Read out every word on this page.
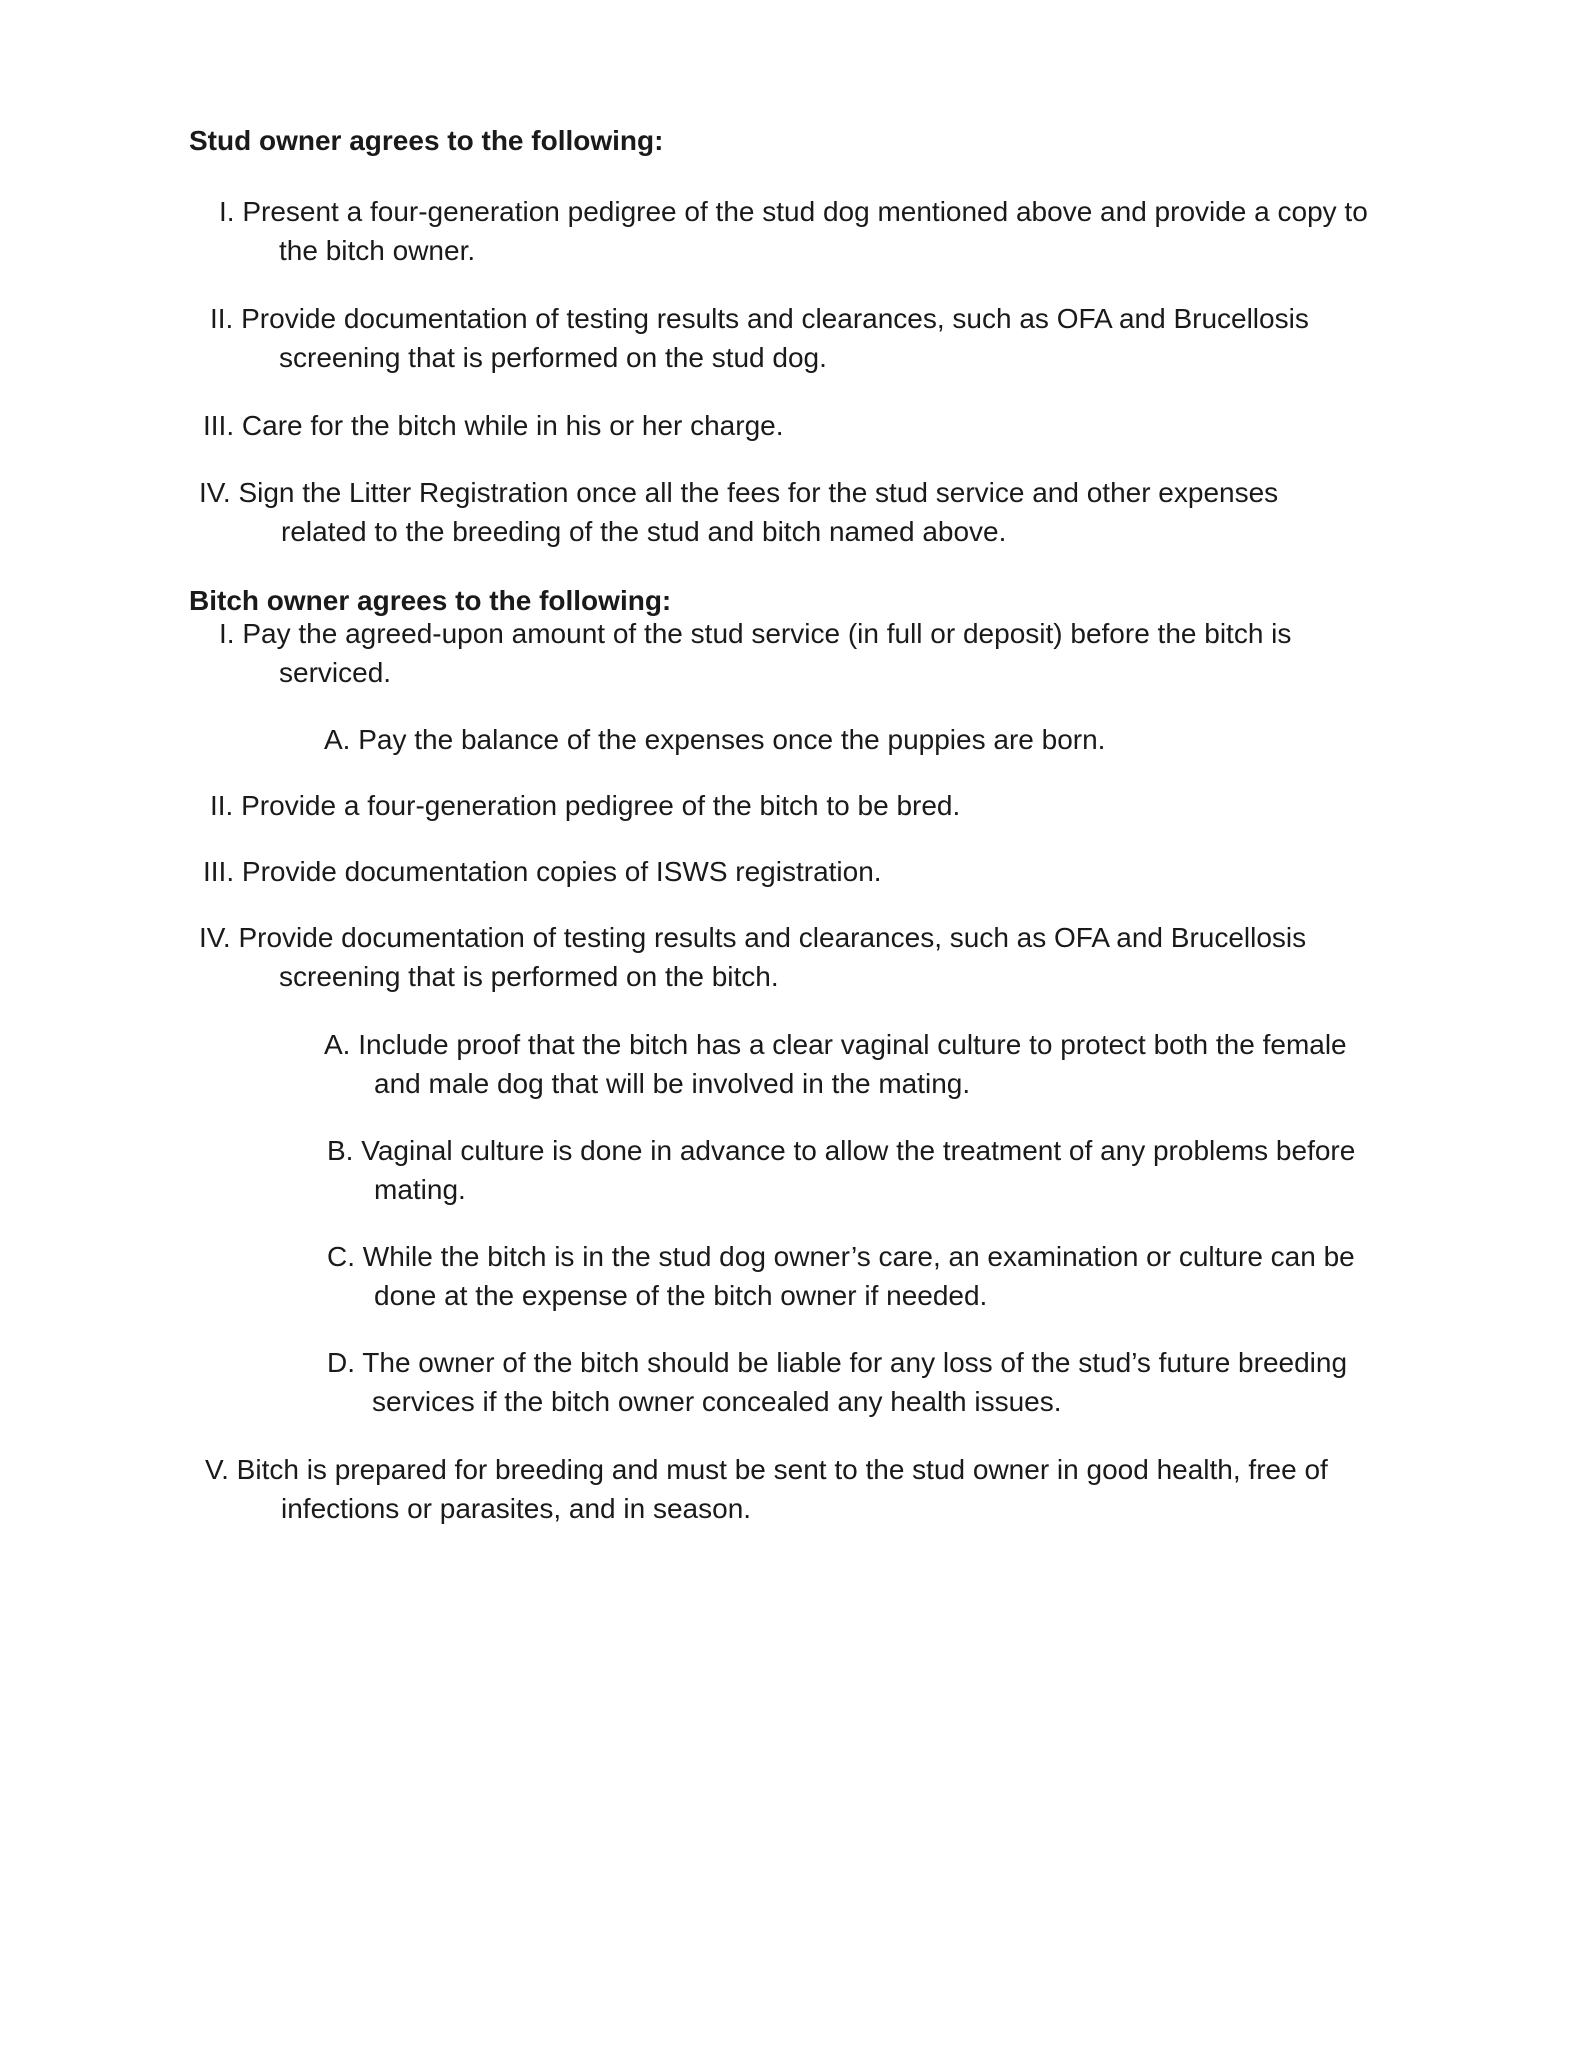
Stud owner agrees to the following:
I. Present a four-generation pedigree of the stud dog mentioned above and provide a copy to
the bitch owner.
II. Provide documentation of testing results and clearances, such as OFA and Brucellosis
screening that is performed on the stud dog.
III. Care for the bitch while in his or her charge.
IV. Sign the Litter Registration once all the fees for the stud service and other expenses
related to the breeding of the stud and bitch named above.
Bitch owner agrees to the following:
I. Pay the agreed-upon amount of the stud service (in full or deposit) before the bitch is
serviced.
A. Pay the balance of the expenses once the puppies are born.
II. Provide a four-generation pedigree of the bitch to be bred.
III. Provide documentation copies of ISWS registration.
IV. Provide documentation of testing results and clearances, such as OFA and Brucellosis
screening that is performed on the bitch.
A. Include proof that the bitch has a clear vaginal culture to protect both the female
and male dog that will be involved in the mating.
B. Vaginal culture is done in advance to allow the treatment of any problems before
mating.
C. While the bitch is in the stud dog owner’s care, an examination or culture can be
done at the expense of the bitch owner if needed.
D. The owner of the bitch should be liable for any loss of the stud’s future breeding
services if the bitch owner concealed any health issues.
V. Bitch is prepared for breeding and must be sent to the stud owner in good health, free of
infections or parasites, and in season.
